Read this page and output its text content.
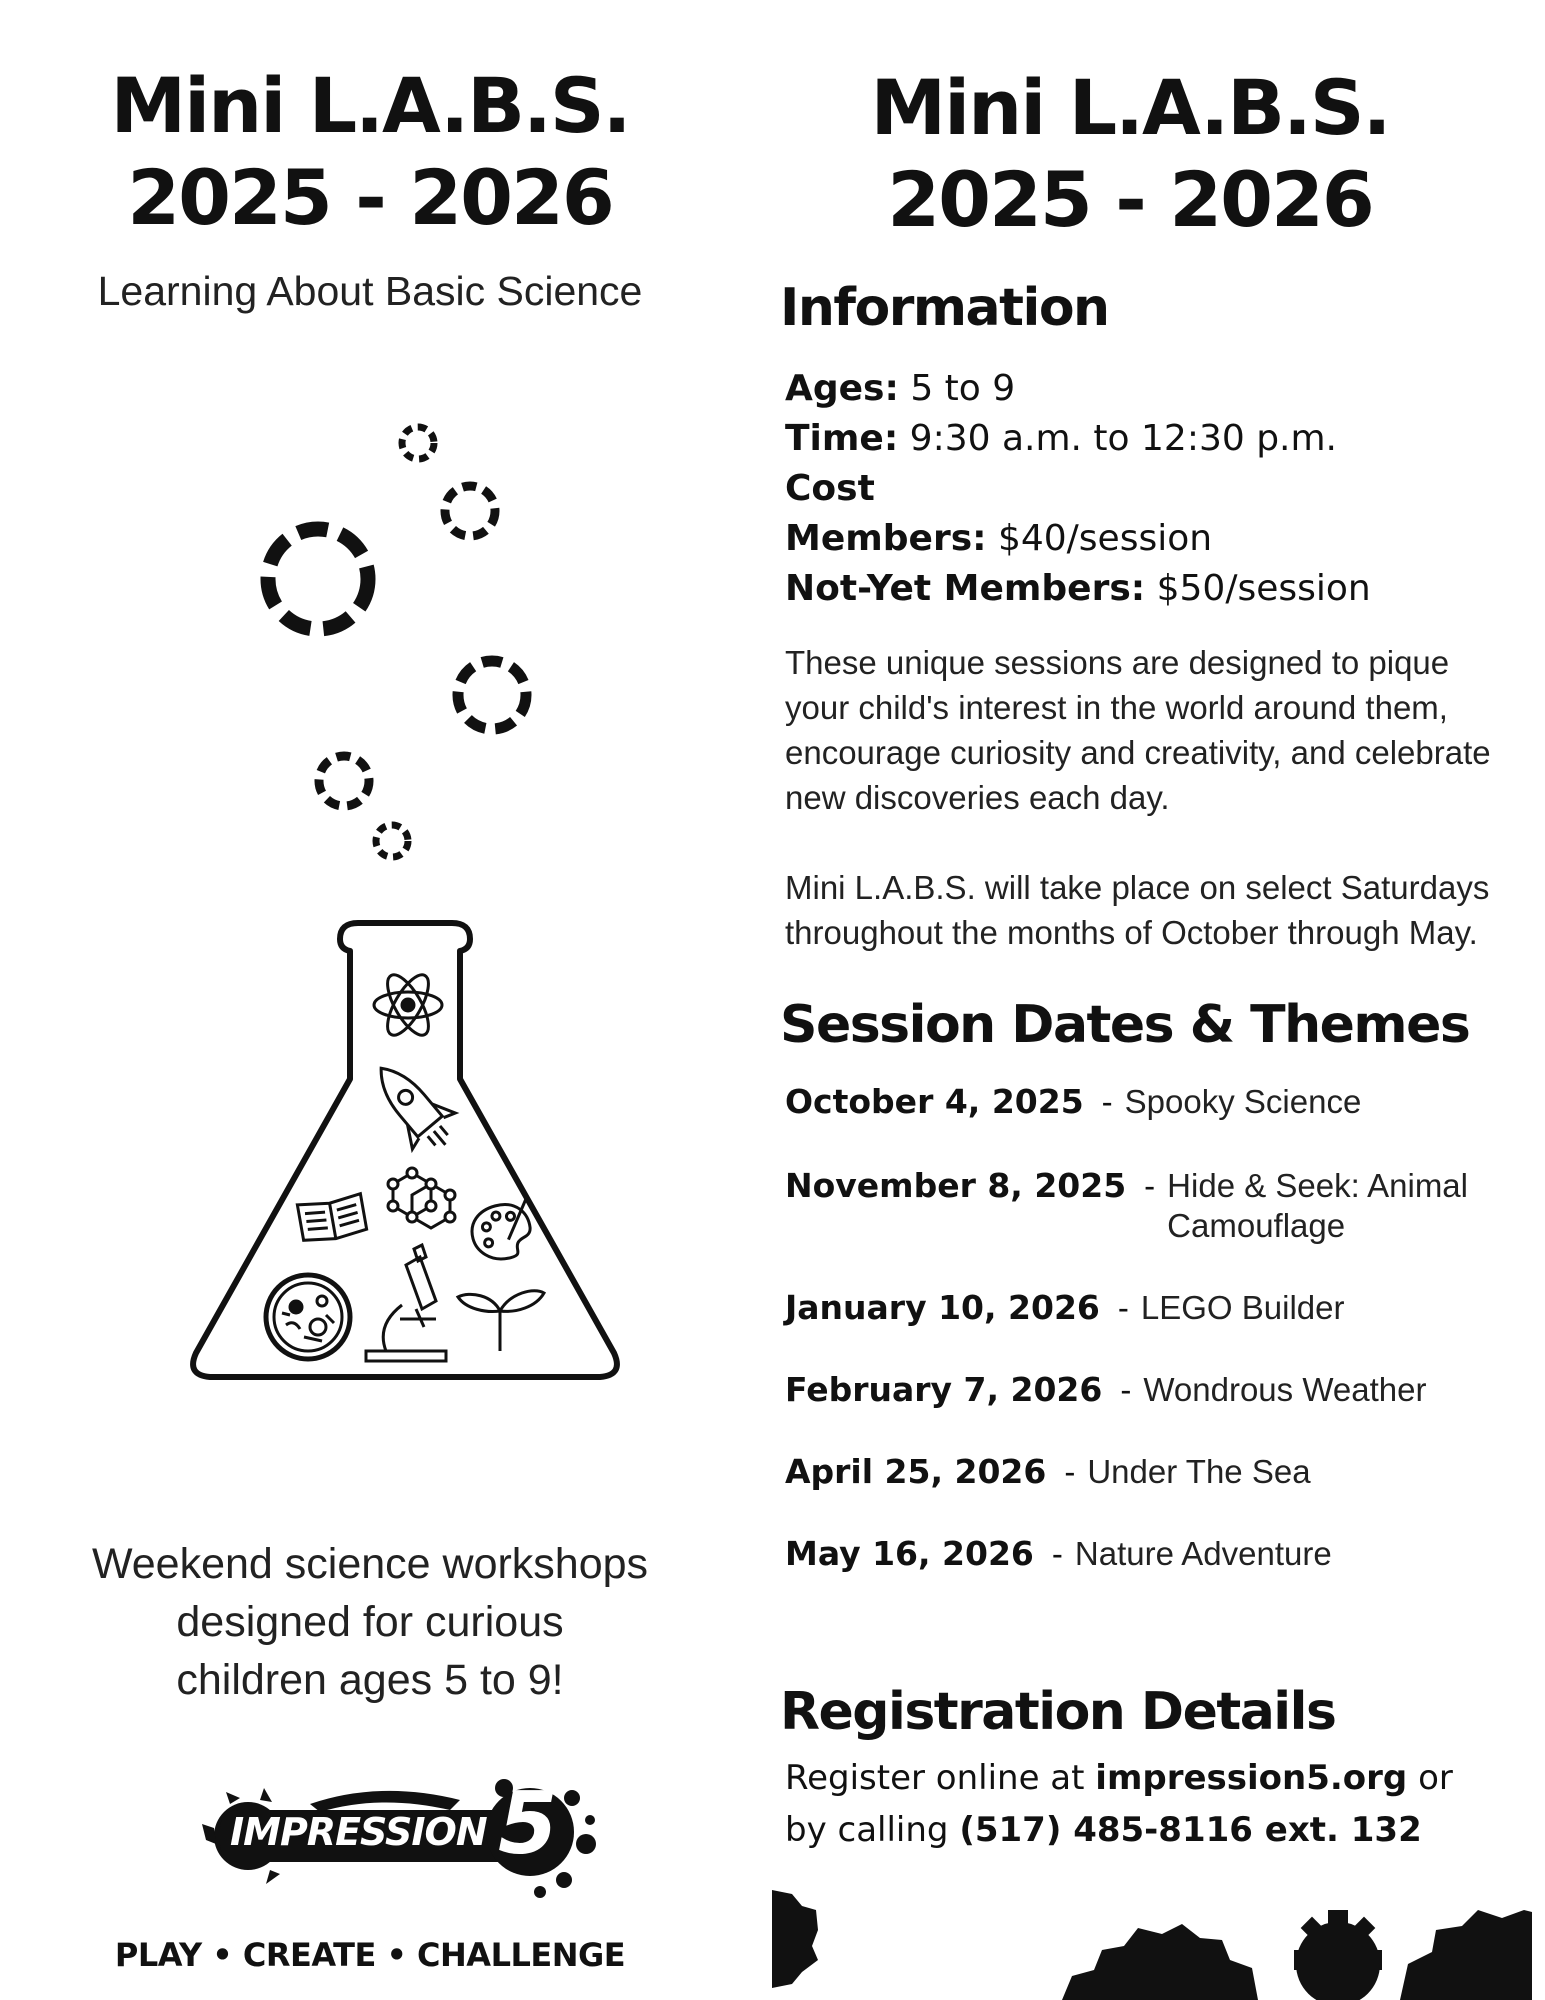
Mini L.A.B.S.
2025 - 2026
Learning About Basic Science
Weekend science workshops
designed for curious
children ages 5 to 9!
IMPRESSION 5
PLAY • CREATE • CHALLENGE
Mini L.A.B.S.
2025 - 2026
Information
Ages: 5 to 9
Time: 9:30 a.m. to 12:30 p.m.
Cost
Members: $40/session
Not-Yet Members: $50/session
These unique sessions are designed to pique your child's interest in the world around them, encourage curiosity and creativity, and celebrate new discoveries each day.
Mini L.A.B.S. will take place on select Saturdays throughout the months of October through May.
Session Dates & Themes
October 4, 2025 - Spooky Science
November 8, 2025 - Hide & Seek: Animal Camouflage
January 10, 2026 - LEGO Builder
February 7, 2026 - Wondrous Weather
April 25, 2026 - Under The Sea
May 16, 2026 - Nature Adventure
Registration Details
Register online at impression5.org or
by calling (517) 485-8116 ext. 132
